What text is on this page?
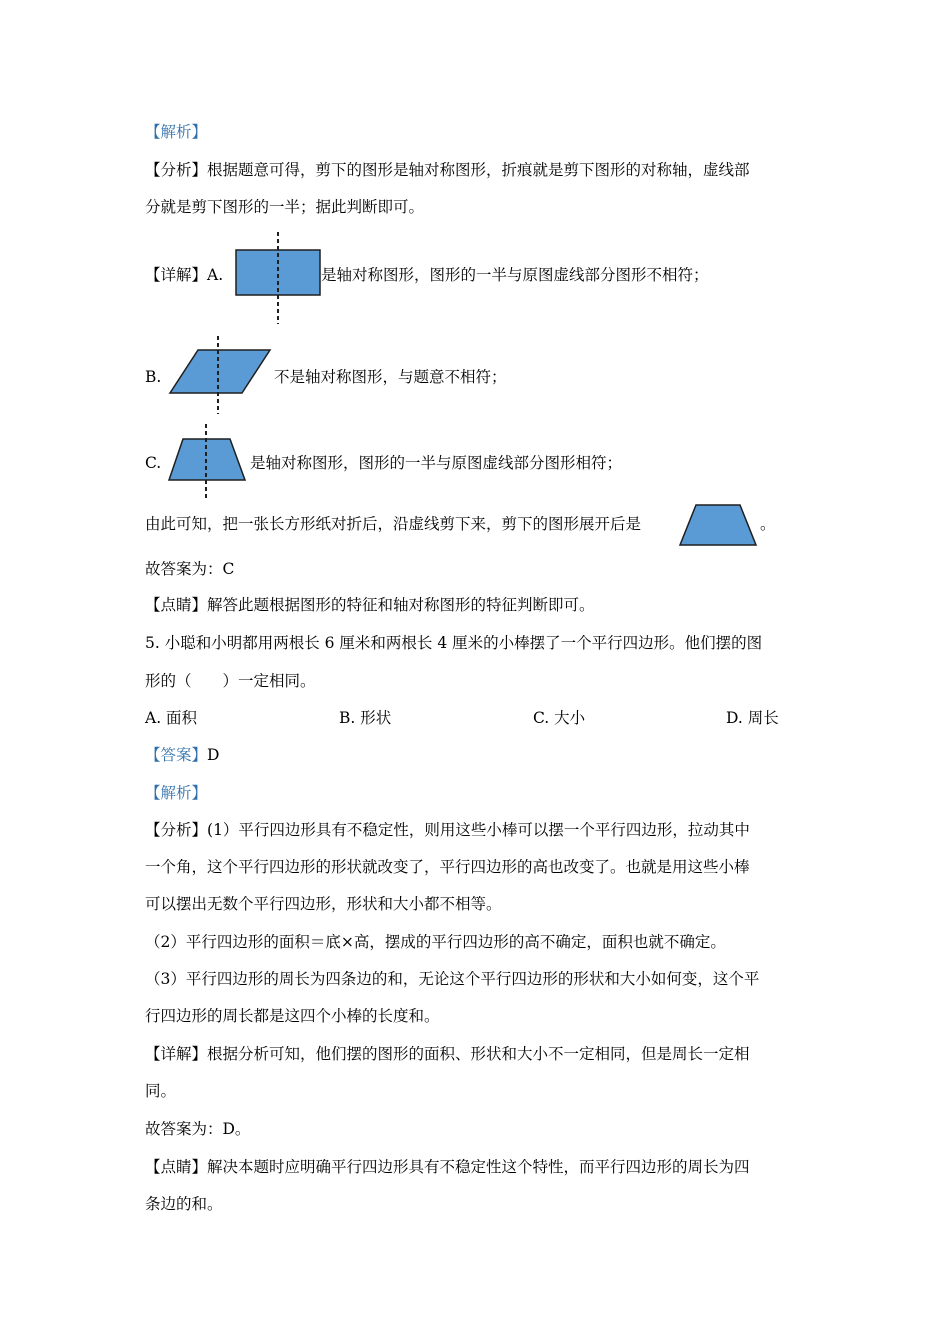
【解析】
【分析】根据题意可得，剪下的图形是轴对称图形，折痕就是剪下图形的对称轴，虚线部
分就是剪下图形的一半；据此判断即可。
【详解】A.	是轴对称图形，图形的一半与原图虚线部分图形不相符；
B.	不是轴对称图形，与题意不相符；
C.	是轴对称图形，图形的一半与原图虚线部分图形相符；
由此可知，把一张长方形纸对折后，沿虚线剪下来，剪下的图形展开后是	。
故答案为：C
【点睛】解答此题根据图形的特征和轴对称图形的特征判断即可。
5. 小聪和小明都用两根长 6 厘米和两根长 4 厘米的小棒摆了一个平行四边形。他们摆的图
形的（　　）一定相同。
A. 面积	B. 形状	C. 大小	D. 周长
【答案】D
【解析】
【分析】(1）平行四边形具有不稳定性，则用这些小棒可以摆一个平行四边形，拉动其中
一个角，这个平行四边形的形状就改变了，平行四边形的高也改变了。也就是用这些小棒
可以摆出无数个平行四边形，形状和大小都不相等。
（2）平行四边形的面积＝底×高，摆成的平行四边形的高不确定，面积也就不确定。
（3）平行四边形的周长为四条边的和，无论这个平行四边形的形状和大小如何变，这个平
行四边形的周长都是这四个小棒的长度和。
【详解】根据分析可知，他们摆的图形的面积、形状和大小不一定相同，但是周长一定相
同。
故答案为：D。
【点睛】解决本题时应明确平行四边形具有不稳定性这个特性，而平行四边形的周长为四
条边的和。
